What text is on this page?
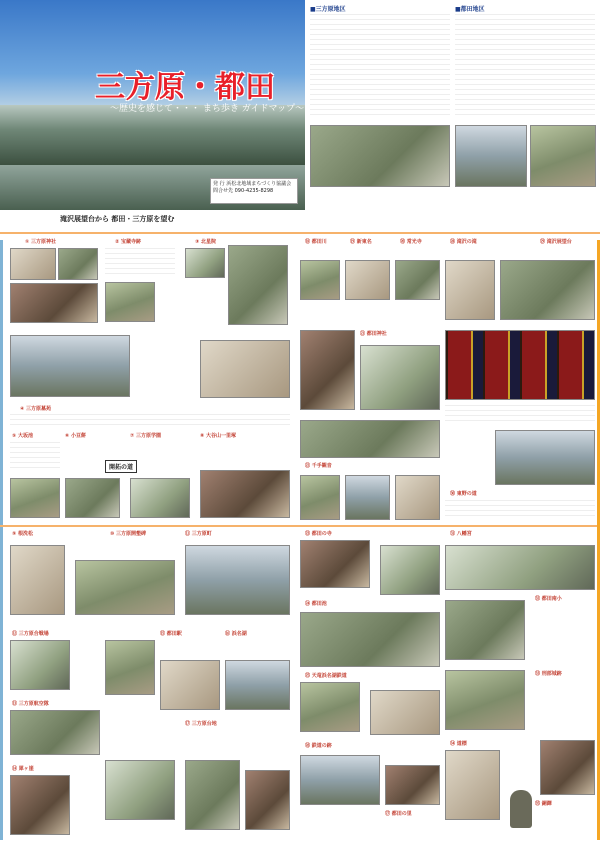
三方原・都田
～歴史を感じて・・・ まち歩き ガイドマップ～
発 行 浜松北地域まちづくり協議会
問合せ先 090-4235-8298
滝沢展望台から 都田・三方原を望む
■三方原地区	■都田地区
① 三方原神社	② 宝蔵寺跡	③ 北星院
④ 三方原墓苑
⑤ 大坂池
開拓の道
⑥ 小豆餅	⑦ 三方原学園	⑧ 大谷山一里塚
⑨ 根洗松	⑩ 三方原開墾碑	⑪ 三方原町
⑫ 三方原合戦場
⑬ 三方原航空隊
⑭ 犀ヶ崖
⑮ 都田駅	⑯ 浜名湖
⑰ 三方原台地
⑱ 都田川	⑲ 新東名	⑳ 常光寺
㉑ 都田神社
㉒ 千手観音
㉓ 都田の寺
㉔ 都田池
㉕ 天竜浜名湖鉄道
㉖ 鉄道の跡
㉗ 都田の里
㉘ 滝沢の滝	㉙ 滝沢展望台
㉚ 東野の道
㉛ 八幡宮
㉜ 都田南小
㉝ 刑部城跡
㉞ 道標
㉟ 銅鐸
